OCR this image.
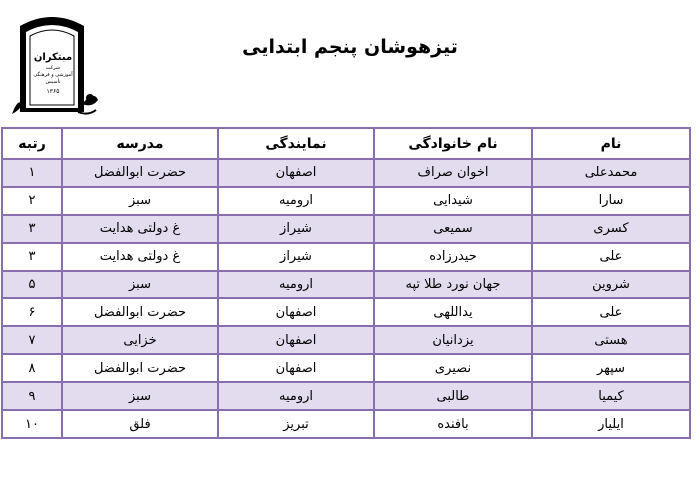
مبتکران
شرکت
آموزشی و فرهنگی
تأسیس
۱۳۶۵
تیزهوشان پنجم ابتدایی
نام	نام خانوادگی	نمایندگی	مدرسه	رتبه
محمدعلی	اخوان صراف	اصفهان	حضرت ابوالفضل	۱
سارا	شیدایی	ارومیه	سبز	۲
کسری	سمیعی	شیراز	غ دولتی هدایت	۳
علی	حیدرزاده	شیراز	غ دولتی هدایت	۳
شروین	جهان نورد طلا تپه	ارومیه	سبز	۵
علی	یداللهی	اصفهان	حضرت ابوالفضل	۶
هستی	یزدانیان	اصفهان	خزایی	۷
سپهر	نصیری	اصفهان	حضرت ابوالفضل	۸
کیمیا	طالبی	ارومیه	سبز	۹
ایلیار	بافنده	تبریز	فلق	۱۰
